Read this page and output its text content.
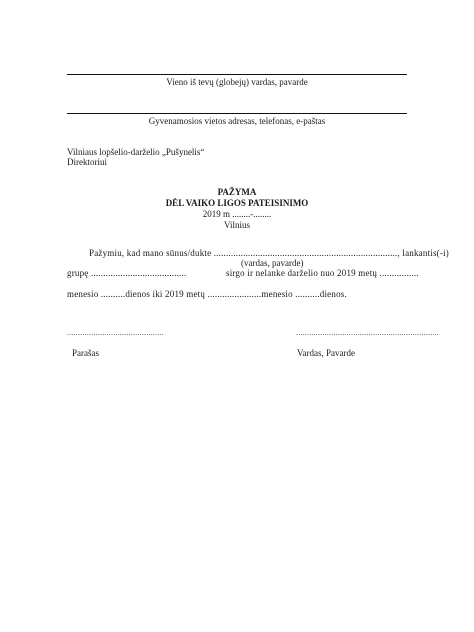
Vieno iš tevų (globejų) vardas, pavarde
Gyvenamosios vietos adresas, telefonas, e-paštas
Vilniaus lopšelio-darželio „Pušynelis“
Direktoriui
PAŽYMA
DĖL VAIKO LIGOS PATEISINIMO
2019 m ........-........
Vilnius
Pažymiu, kad mano sūnus/dukte ..........................................................................., lankantis(-i)
(vardas, pavarde)
grupę .......................................	sirgo ir nelanke darželio nuo 2019 metų ................
menesio ..........dienos iki 2019 metų ......................menesio ..........dienos.
............................................	.................................................................
Parašas	Vardas, Pavarde
